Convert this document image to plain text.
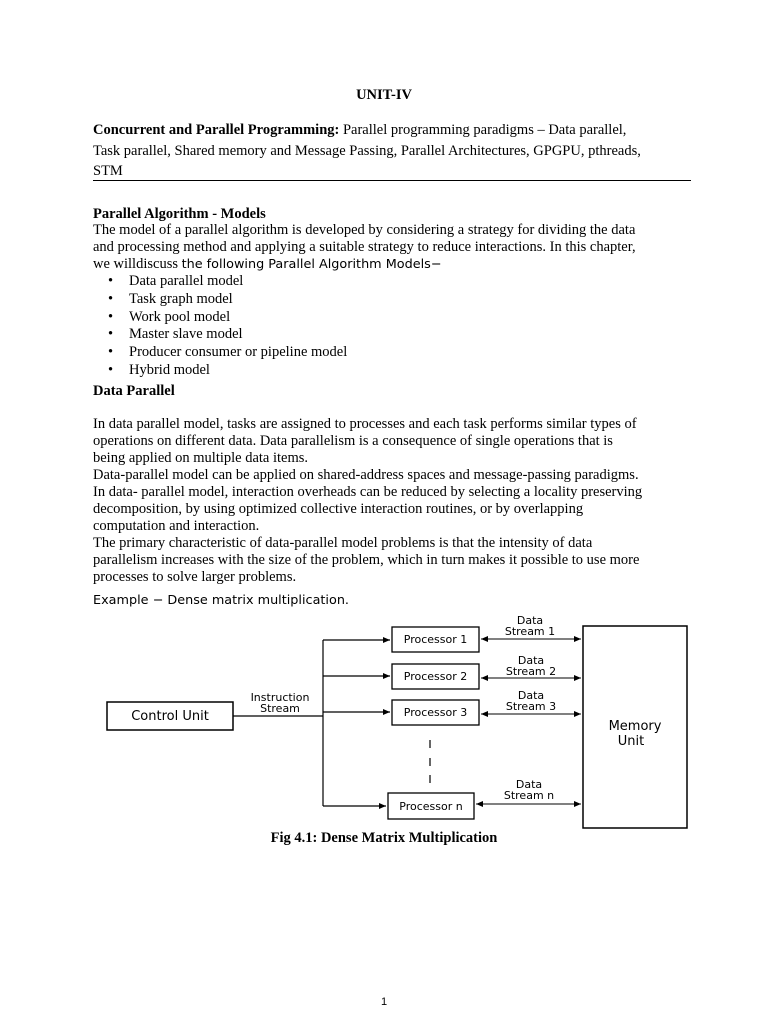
UNIT-IV
Concurrent and Parallel Programming: Parallel programming paradigms – Data parallel,
Task parallel, Shared memory and Message Passing, Parallel Architectures, GPGPU, pthreads,
STM
Parallel Algorithm - Models
The model of a parallel algorithm is developed by considering a strategy for dividing the data
and processing method and applying a suitable strategy to reduce interactions. In this chapter,
we willdiscuss the following Parallel Algorithm Models−
• Data parallel model
• Task graph model
• Work pool model
• Master slave model
• Producer consumer or pipeline model
• Hybrid model
Data Parallel
In data parallel model, tasks are assigned to processes and each task performs similar types of
operations on different data. Data parallelism is a consequence of single operations that is
being applied on multiple data items.
Data-parallel model can be applied on shared-address spaces and message-passing paradigms.
In data- parallel model, interaction overheads can be reduced by selecting a locality preserving
decomposition, by using optimized collective interaction routines, or by overlapping
computation and interaction.
The primary characteristic of data-parallel model problems is that the intensity of data
parallelism increases with the size of the problem, which in turn makes it possible to use more
processes to solve larger problems.
Example − Dense matrix multiplication.
Control Unit
Instruction
Stream
Processor 1
Processor 2
Processor 3
Processor n
Data
Stream 1
Data
Stream 2
Data
Stream 3
Data
Stream n
Memory
Unit
Fig 4.1: Dense Matrix Multiplication
1
